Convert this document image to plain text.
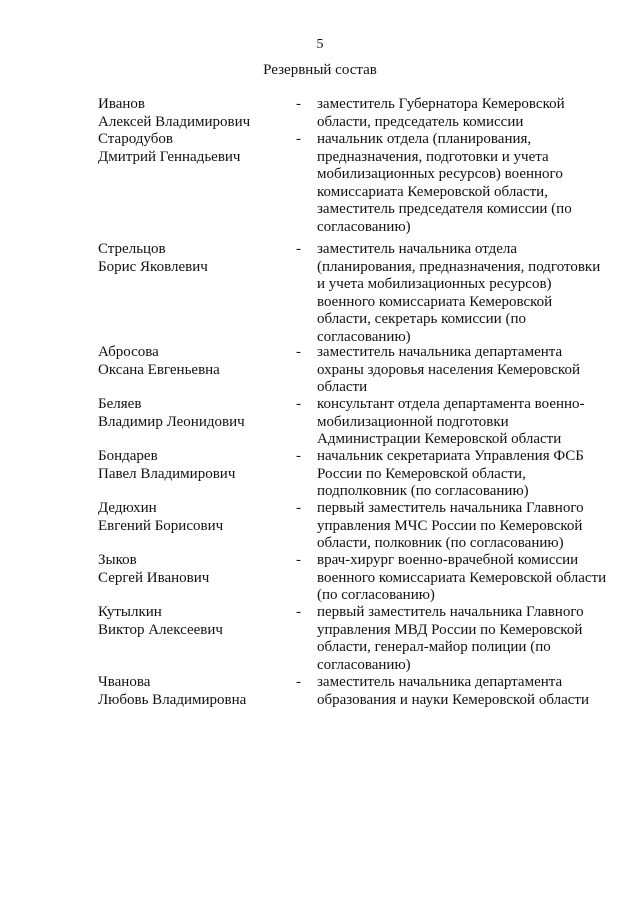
5
Резервный состав
Иванов
Алексей Владимирович
- заместитель Губернатора Кемеровской
области, председатель комиссии
Стародубов
Дмитрий Геннадьевич
- начальник отдела (планирования,
предназначения, подготовки и учета
мобилизационных ресурсов) военного
комиссариата Кемеровской области,
заместитель председателя комиссии (по
согласованию)
Стрельцов
Борис Яковлевич
- заместитель начальника отдела
(планирования, предназначения, подготовки
и учета мобилизационных ресурсов)
военного комиссариата Кемеровской
области, секретарь комиссии (по
согласованию)
Абросова
Оксана Евгеньевна
- заместитель начальника департамента
охраны здоровья населения Кемеровской
области
Беляев
Владимир Леонидович
- консультант отдела департамента военно-
мобилизационной подготовки
Администрации Кемеровской области
Бондарев
Павел Владимирович
- начальник секретариата Управления ФСБ
России по Кемеровской области,
подполковник (по согласованию)
Дедюхин
Евгений Борисович
- первый заместитель начальника Главного
управления МЧС России по Кемеровской
области, полковник (по согласованию)
Зыков
Сергей Иванович
- врач-хирург военно-врачебной комиссии
военного комиссариата Кемеровской области
(по согласованию)
Кутылкин
Виктор Алексеевич
- первый заместитель начальника Главного
управления МВД России по Кемеровской
области, генерал-майор полиции (по
согласованию)
Чванова
Любовь Владимировна
- заместитель начальника департамента
образования и науки Кемеровской области
